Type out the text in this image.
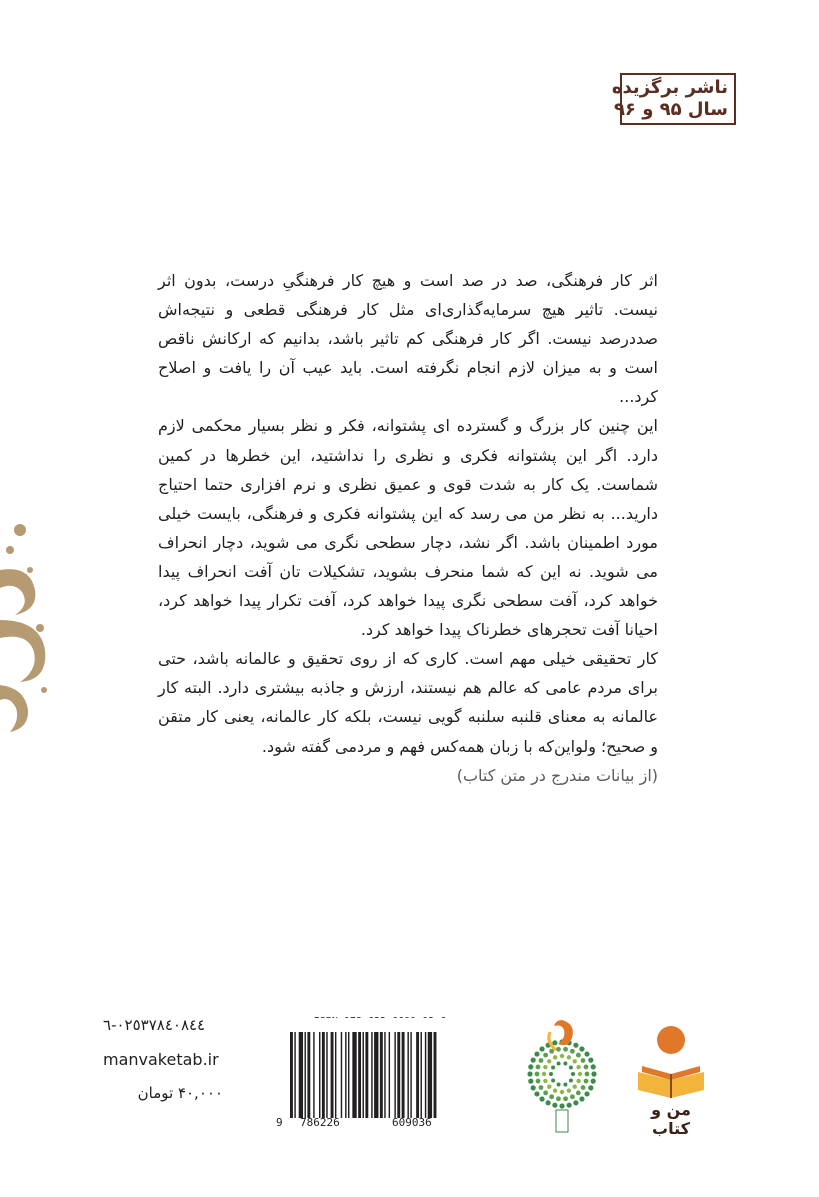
ناشر برگزیده
سال ۹۵ و ۹۶

اثر کار فرهنگی، صد در صد است و هیچ کار فرهنگیِ درست، بدون اثر نیست. تاثیر هیچ سرمایه‌گذاری‌ای مثل کار فرهنگی قطعی و نتیجه‌اش صددرصد نیست. اگر کار فرهنگی کم تاثیر باشد، بدانیم که ارکانش ناقص است و به میزان لازم انجام نگرفته است. باید عیب آن را یافت و اصلاح کرد...

این چنین کار بزرگ و گسترده ای پشتوانه، فکر و نظر بسیار محکمی لازم دارد. اگر این پشتوانه فکری و نظری را نداشتید، این خطرها در کمین شماست. یک کار به شدت قوی و عمیق نظری و نرم افزاری حتما احتیاج دارید... به نظر من می رسد که این پشتوانه فکری و فرهنگی، بایست خیلی مورد اطمینان باشد. اگر نشد، دچار سطحی نگری می شوید، دچار انحراف می شوید. نه این که شما منحرف بشوید، تشکیلات تان آفت انحراف پیدا خواهد کرد، آفت سطحی نگری پیدا خواهد کرد، آفت تکرار پیدا خواهد کرد، احیانا آفت تحجرهای خطرناک پیدا خواهد کرد.

کار تحقیقی خیلی مهم است. کاری که از روی تحقیق و عالمانه باشد، حتی برای مردم عامی که عالم هم نیستند، ارزش و جاذبه بیشتری دارد. البته کار عالمانه به معنای قلنبه سلنبه گویی نیست، بلکه کار عالمانه، یعنی کار متقن و صحیح؛ ولواین‌که با زبان همه‌کس فهم و مردمی گفته شود.

(از بیانات مندرج در متن کتاب)

٠٢٥٣٧٨٤٠٨٤٤-٦
manvaketab.ir
۴۰,۰۰۰ تومان
9 786226	609036
من و کتاب
